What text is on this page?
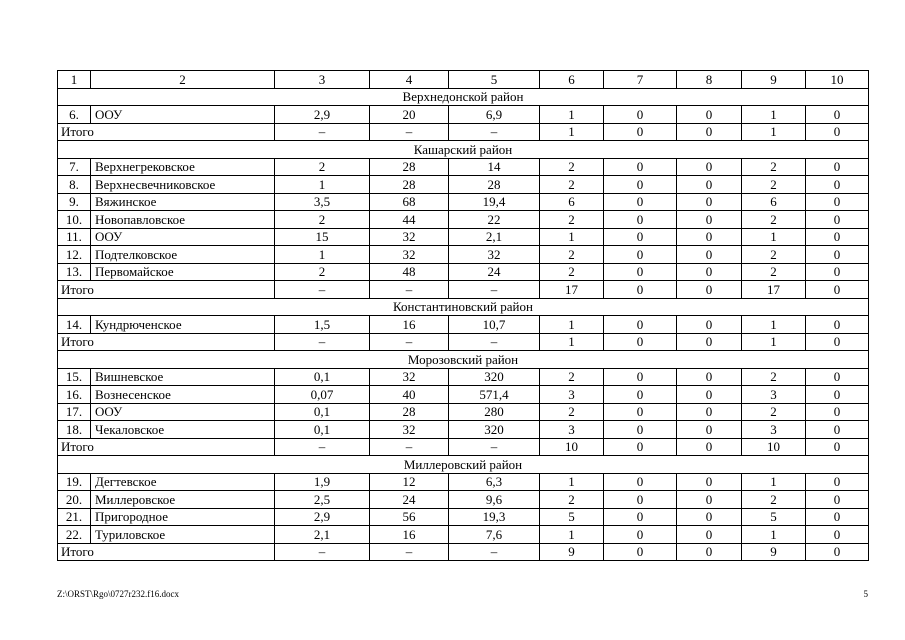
1	2	3	4	5	6	7	8	9	10
Верхнедонской район									
6.	ООУ	2,9	20	6,9	1	0	0	1	0
Итого		–	–	–	1	0	0	1	0
Кашарский район									
7.	Верхнегрековское	2	28	14	2	0	0	2	0
8.	Верхнесвечниковское	1	28	28	2	0	0	2	0
9.	Вяжинское	3,5	68	19,4	6	0	0	6	0
10.	Новопавловское	2	44	22	2	0	0	2	0
11.	ООУ	15	32	2,1	1	0	0	1	0
12.	Подтелковское	1	32	32	2	0	0	2	0
13.	Первомайское	2	48	24	2	0	0	2	0
Итого		–	–	–	17	0	0	17	0
Константиновский район									
14.	Кундрюченское	1,5	16	10,7	1	0	0	1	0
Итого		–	–	–	1	0	0	1	0
Морозовский район									
15.	Вишневское	0,1	32	320	2	0	0	2	0
16.	Вознесенское	0,07	40	571,4	3	0	0	3	0
17.	ООУ	0,1	28	280	2	0	0	2	0
18.	Чекаловское	0,1	32	320	3	0	0	3	0
Итого		–	–	–	10	0	0	10	0
Миллеровский район									
19.	Дегтевское	1,9	12	6,3	1	0	0	1	0
20.	Миллеровское	2,5	24	9,6	2	0	0	2	0
21.	Пригородное	2,9	56	19,3	5	0	0	5	0
22.	Туриловское	2,1	16	7,6	1	0	0	1	0
Итого		–	–	–	9	0	0	9	0
Z:\ORST\Rgo\0727r232.f16.docx	5
